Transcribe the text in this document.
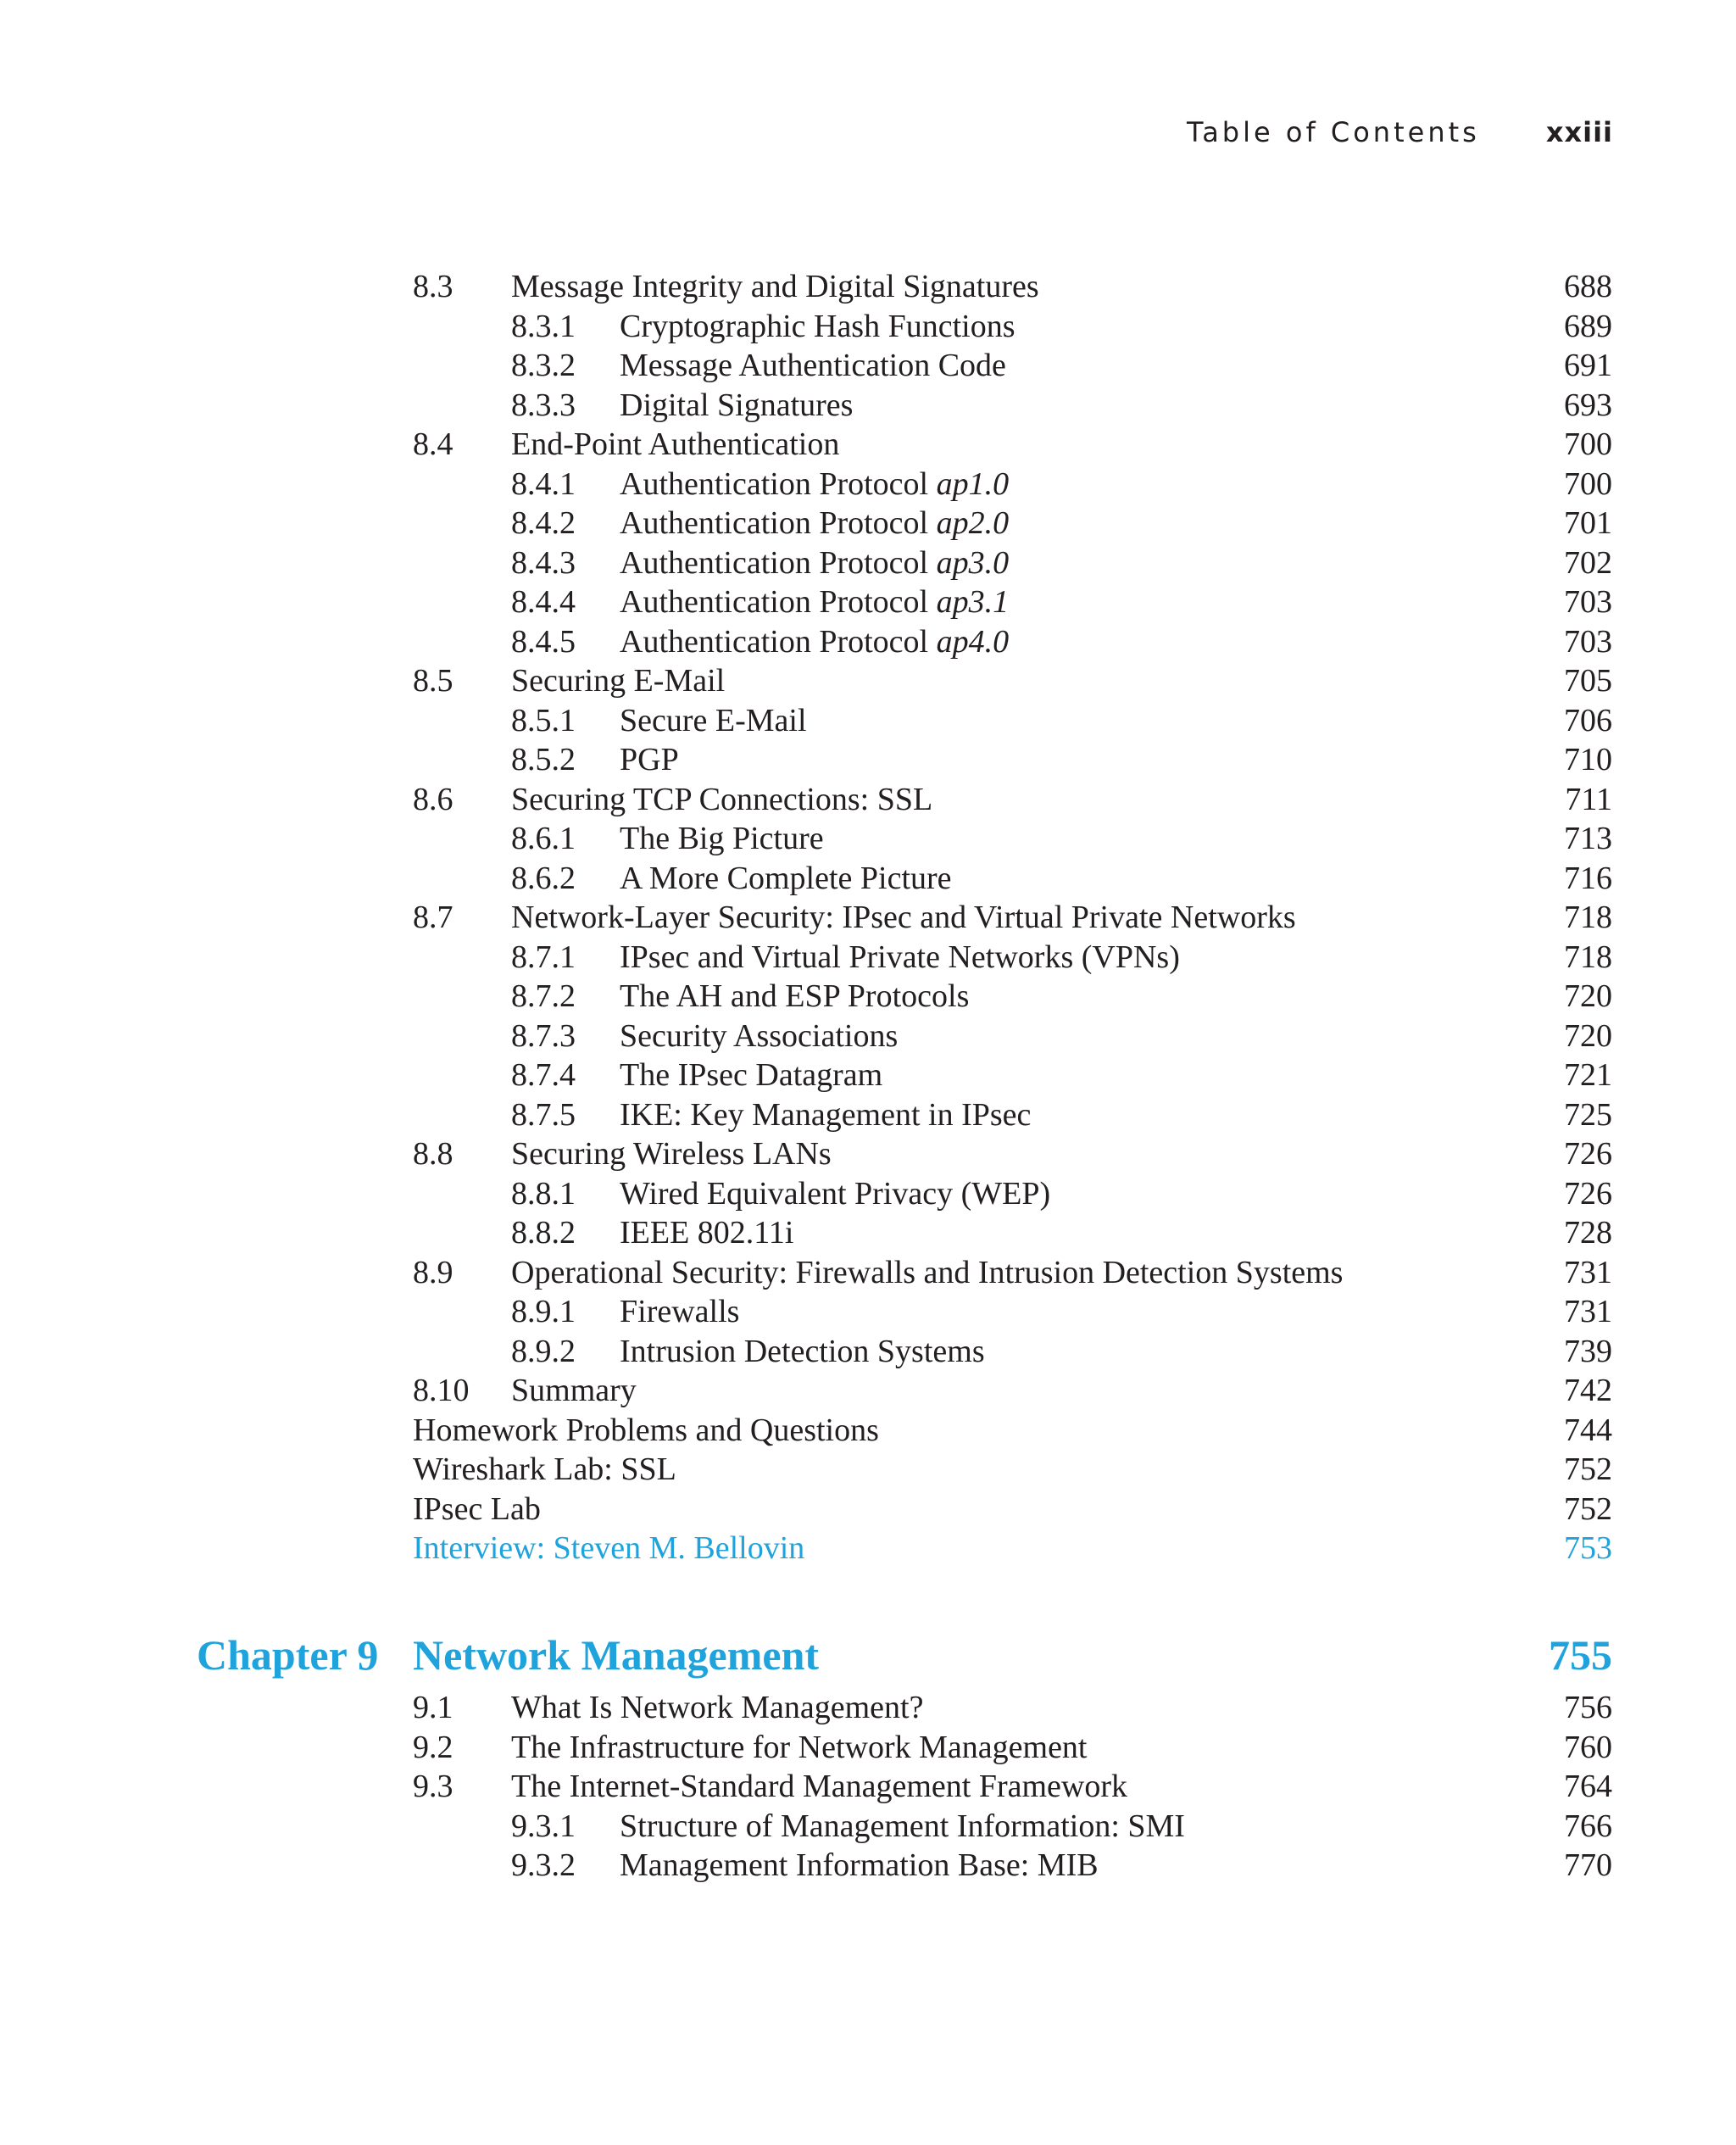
Table of Contents xxiii
8.3 Message Integrity and Digital Signatures	688
8.3.1 Cryptographic Hash Functions	689
8.3.2 Message Authentication Code	691
8.3.3 Digital Signatures	693
8.4 End-Point Authentication	700
8.4.1 Authentication Protocol ap1.0	700
8.4.2 Authentication Protocol ap2.0	701
8.4.3 Authentication Protocol ap3.0	702
8.4.4 Authentication Protocol ap3.1	703
8.4.5 Authentication Protocol ap4.0	703
8.5 Securing E-Mail	705
8.5.1 Secure E-Mail	706
8.5.2 PGP	710
8.6 Securing TCP Connections: SSL	711
8.6.1 The Big Picture	713
8.6.2 A More Complete Picture	716
8.7 Network-Layer Security: IPsec and Virtual Private Networks	718
8.7.1 IPsec and Virtual Private Networks (VPNs)	718
8.7.2 The AH and ESP Protocols	720
8.7.3 Security Associations	720
8.7.4 The IPsec Datagram	721
8.7.5 IKE: Key Management in IPsec	725
8.8 Securing Wireless LANs	726
8.8.1 Wired Equivalent Privacy (WEP)	726
8.8.2 IEEE 802.11i	728
8.9 Operational Security: Firewalls and Intrusion Detection Systems	731
8.9.1 Firewalls	731
8.9.2 Intrusion Detection Systems	739
8.10 Summary	742
Homework Problems and Questions	744
Wireshark Lab: SSL	752
IPsec Lab	752
Interview: Steven M. Bellovin	753
Chapter 9 Network Management	755
9.1 What Is Network Management?	756
9.2 The Infrastructure for Network Management	760
9.3 The Internet-Standard Management Framework	764
9.3.1 Structure of Management Information: SMI	766
9.3.2 Management Information Base: MIB	770
